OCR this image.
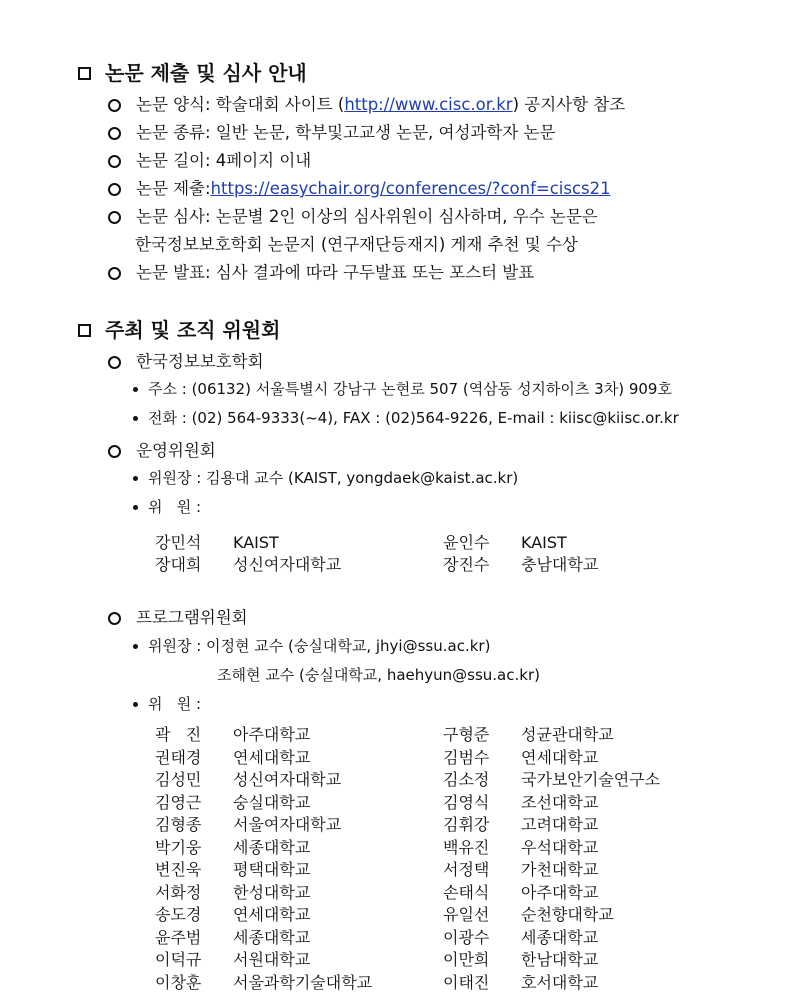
논문 제출 및 심사 안내
논문 양식: 학술대회 사이트 ( http://www.cisc.or.kr ) 공지사항 참조
논문 종류: 일반 논문, 학부및고교생 논문, 여성과학자 논문
논문 길이: 4페이지 이내
논문 제출: https://easychair.org/conferences/?conf=ciscs21
논문 심사: 논문별 2인 이상의 심사위원이 심사하며, 우수 논문은
한국정보보호학회 논문지 (연구재단등재지) 게재 추천 및 수상
논문 발표: 심사 결과에 따라 구두발표 또는 포스터 발표
주최 및 조직 위원회
한국정보보호학회
주소 : (06132) 서울특별시 강남구 논현로 507 (역삼동 성지하이츠 3차) 909호
전화 : (02) 564-9333(~4), FAX : (02)564-9226, E-mail : kiisc@kiisc.or.kr
운영위원회
위원장 : 김용대 교수 (KAIST, yongdaek@kaist.ac.kr)
위   원 :
강민석 KAIST	윤인수 KAIST
장대희 성신여자대학교	장진수 충남대학교
프로그램위원회
위원장 : 이정현 교수 (숭실대학교, jhyi@ssu.ac.kr)
조해현 교수 (숭실대학교, haehyun@ssu.ac.kr)
위   원 :
곽   진 아주대학교	구형준 성균관대학교
권태경 연세대학교	김범수 연세대학교
김성민 성신여자대학교	김소정 국가보안기술연구소
김영근 숭실대학교	김영식 조선대학교
김형종 서울여자대학교	김휘강 고려대학교
박기웅 세종대학교	백유진 우석대학교
변진욱 평택대학교	서정택 가천대학교
서화정 한성대학교	손태식 아주대학교
송도경 연세대학교	유일선 순천향대학교
윤주범 세종대학교	이광수 세종대학교
이덕규 서원대학교	이만희 한남대학교
이창훈 서울과학기술대학교	이태진 호서대학교
